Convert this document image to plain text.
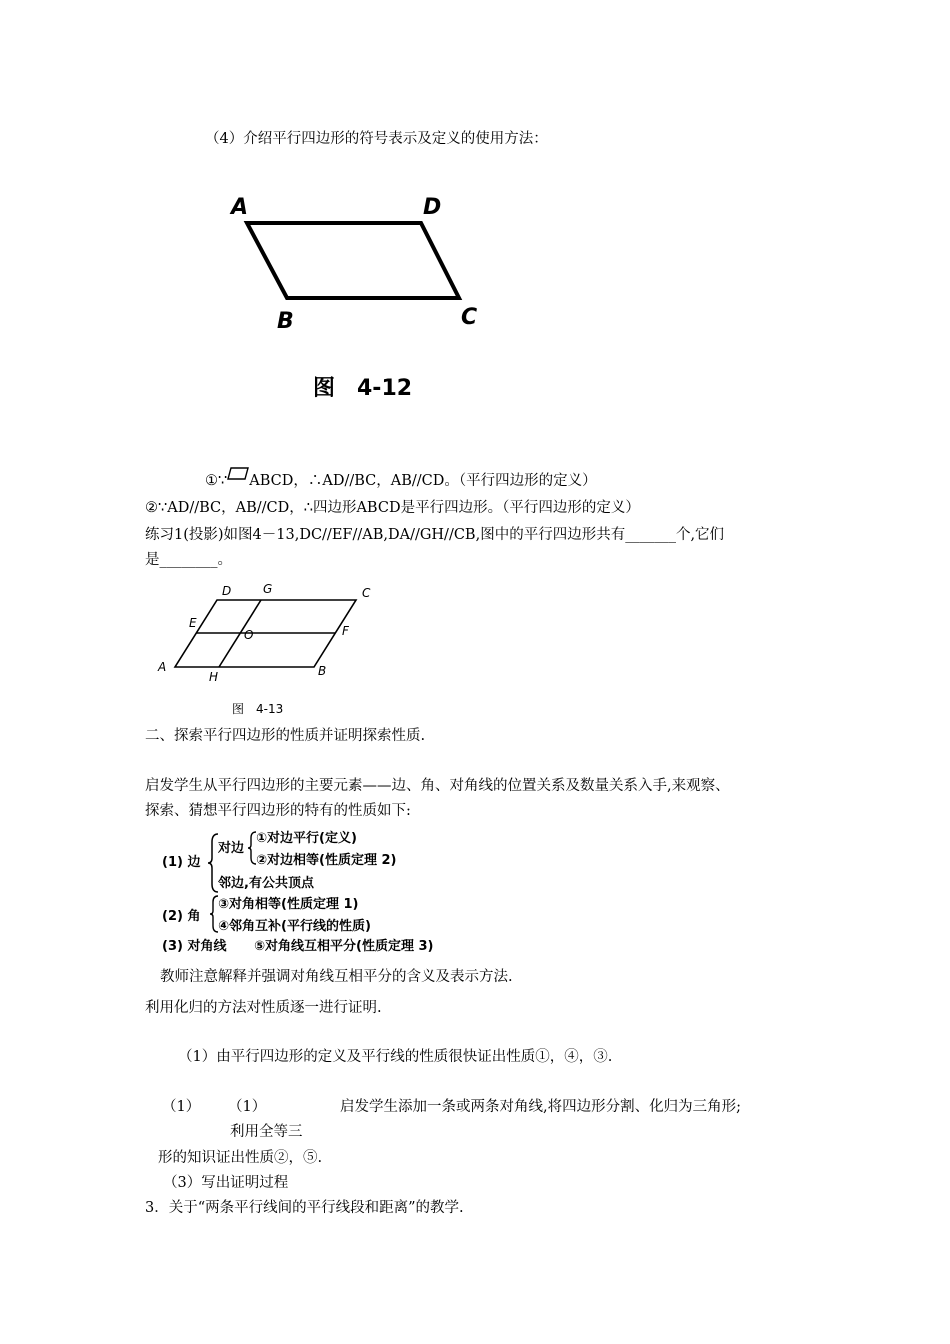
（4）介绍平行四边形的符号表示及定义的使用方法：
A	D
B	C
图　4-12
①∵ ABCD，∴AD//BC，AB//CD。（平行四边形的定义）
②∵AD//BC，AB//CD，∴四边形ABCD是平行四边形。（平行四边形的定义）
练习1(投影)如图4－13,DC//EF//AB,DA//GH//CB,图中的平行四边形共有_______个,它们
是________。
D	G	C
E
O	F
A
H	B
图　4-13
二、探索平行四边形的性质并证明探索性质.
启发学生从平行四边形的主要元素——边、角、对角线的位置关系及数量关系入手,来观察、
探索、猜想平行四边形的特有的性质如下:
(1) 边
对边
①对边平行(定义)
②对边相等(性质定理 2)
邻边,有公共顶点
(2) 角
③对角相等(性质定理 1)
④邻角互补(平行线的性质)
(3) 对角线 ⑤对角线互相平分(性质定理 3)
教师注意解释并强调对角线互相平分的含义及表示方法.
利用化归的方法对性质逐一进行证明.
（1）由平行四边形的定义及平行线的性质很快证出性质①，④，③.
（1） （1）	启发学生添加一条或两条对角线,将四边形分割、化归为三角形;
利用全等三
形的知识证出性质②，⑤.
（3）写出证明过程
3．关于“两条平行线间的平行线段和距离”的教学.
